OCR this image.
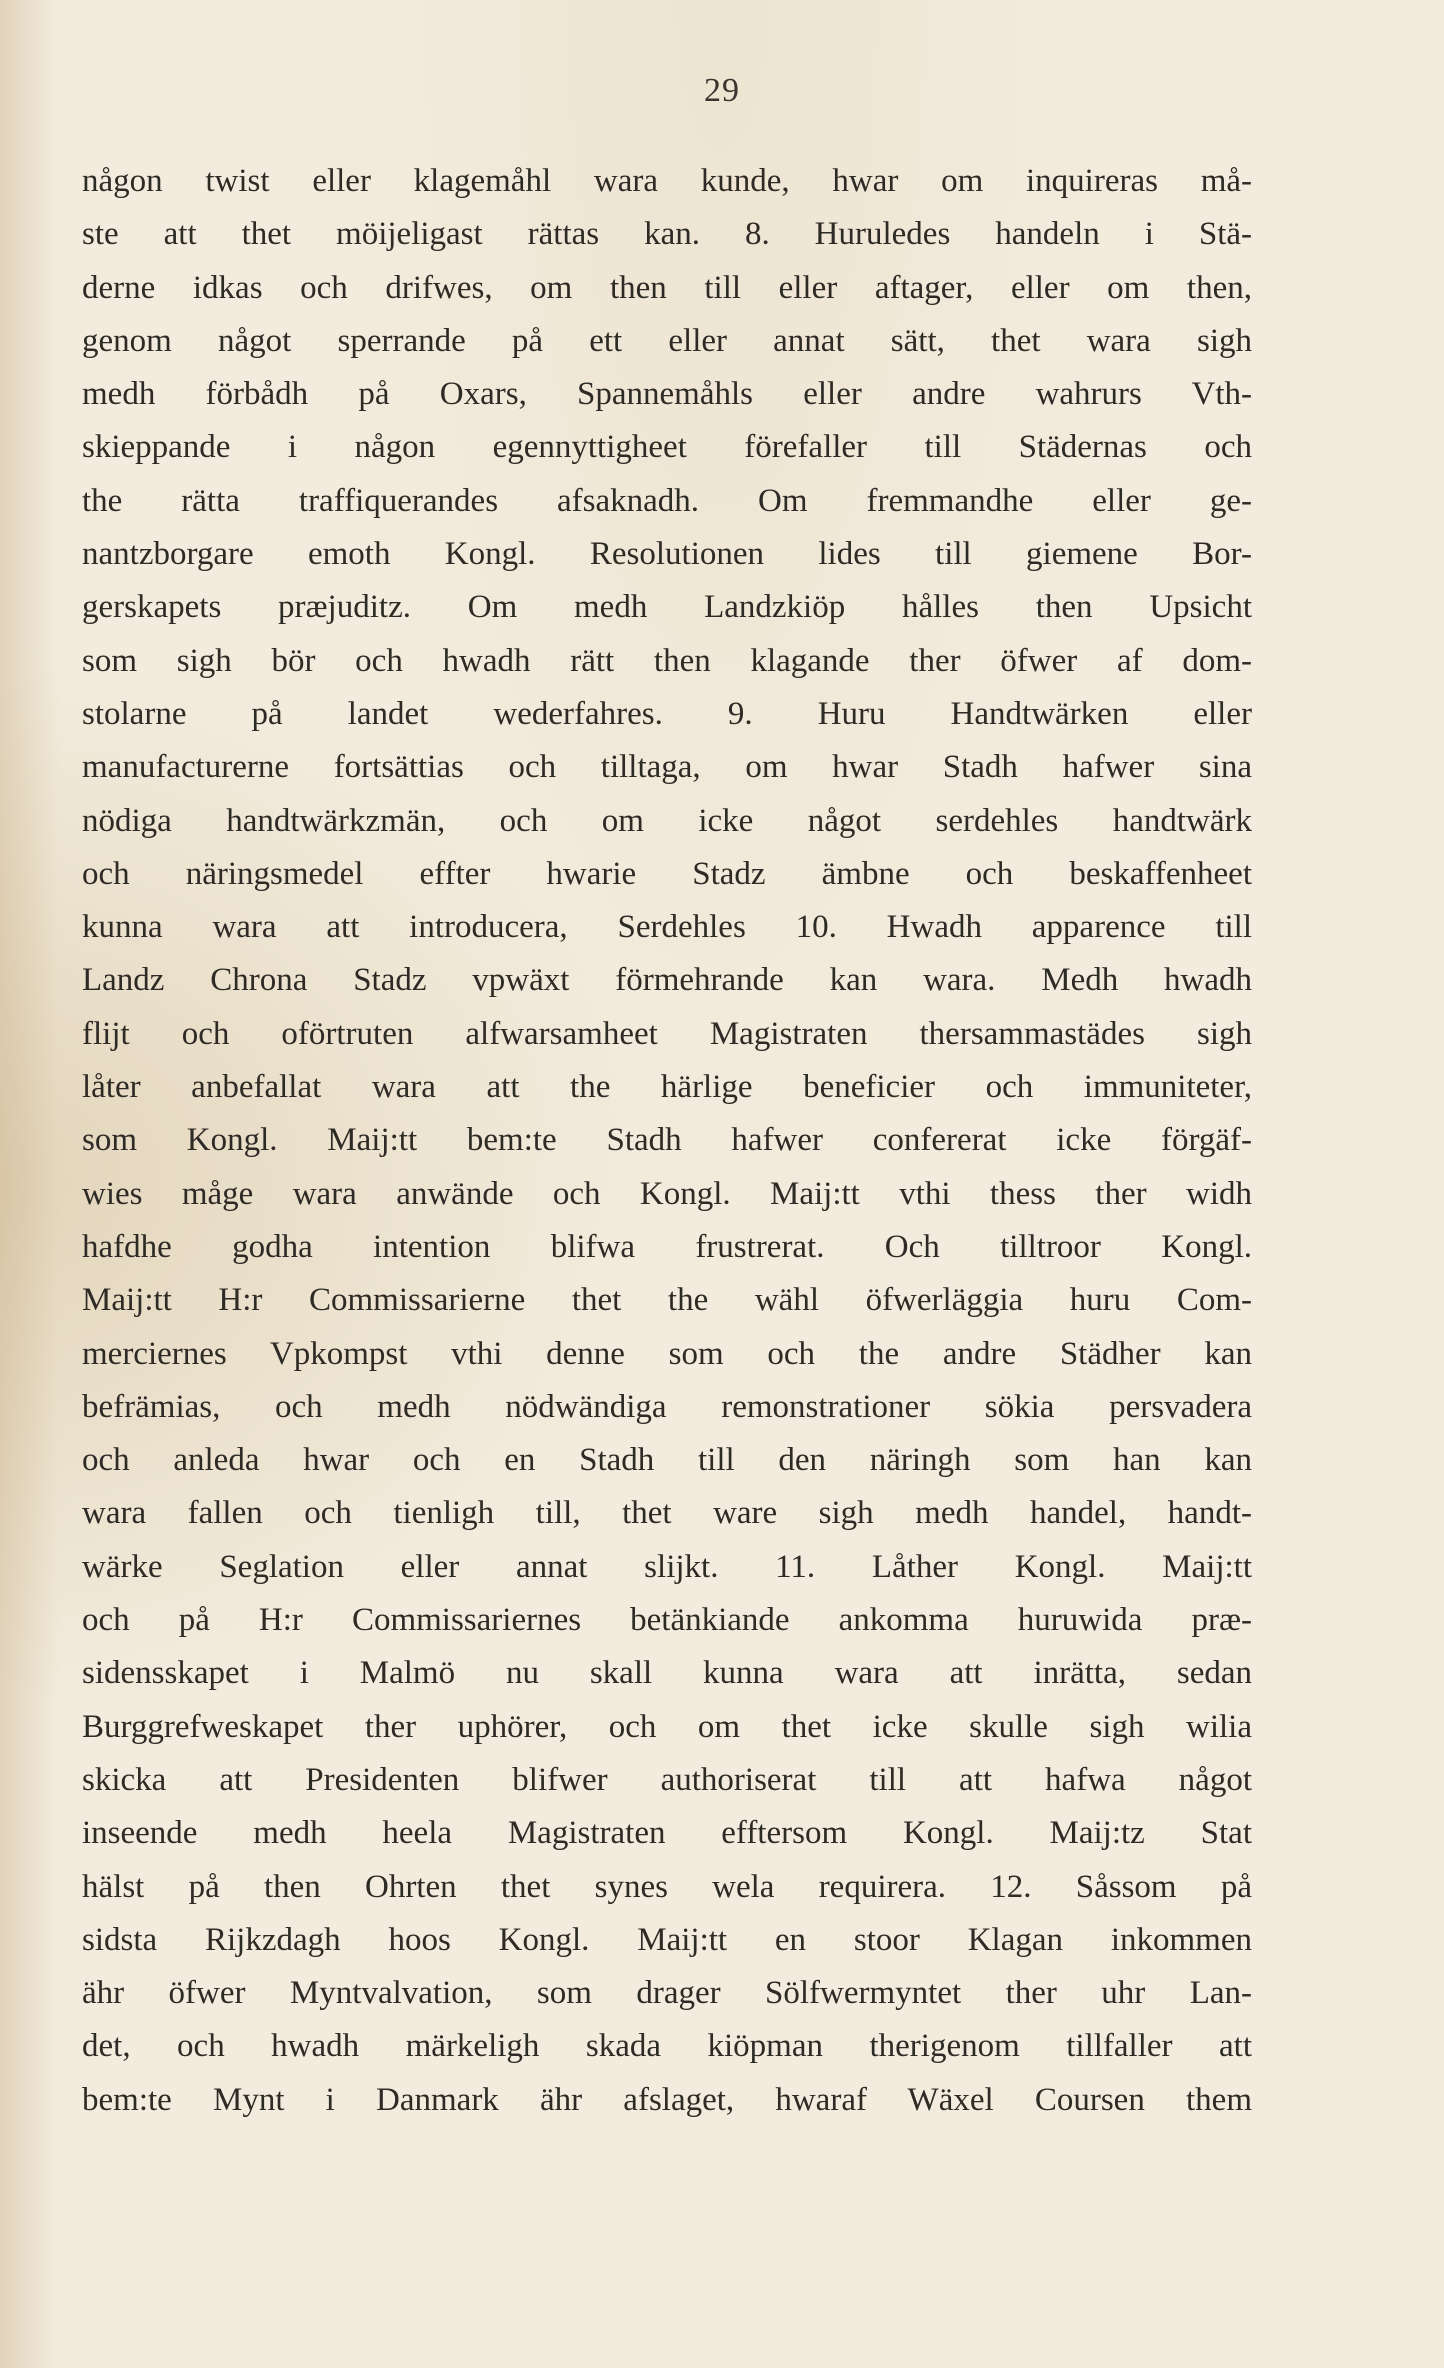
29
någon twist eller klagemåhl wara kunde, hwar om inquireras må-
ste att thet möijeligast rättas kan. 8. Huruledes handeln i Stä-
derne idkas och drifwes, om then till eller aftager, eller om then,
genom något sperrande på ett eller annat sätt, thet wara sigh
medh förbådh på Oxars, Spannemåhls eller andre wahrurs Vth-
skieppande i någon egennyttigheet förefaller till Städernas och
the rätta traffiquerandes afsaknadh. Om fremmandhe eller ge-
nantzborgare emoth Kongl. Resolutionen lides till giemene Bor-
gerskapets præjuditz. Om medh Landzkiöp hålles then Upsicht
som sigh bör och hwadh rätt then klagande ther öfwer af dom-
stolarne på landet wederfahres. 9. Huru Handtwärken eller
manufacturerne fortsättias och tilltaga, om hwar Stadh hafwer sina
nödiga handtwärkzmän, och om icke något serdehles handtwärk
och näringsmedel effter hwarie Stadz ämbne och beskaffenheet
kunna wara att introducera, Serdehles 10. Hwadh apparence till
Landz Chrona Stadz vpwäxt förmehrande kan wara. Medh hwadh
flijt och oförtruten alfwarsamheet Magistraten thersammastädes sigh
låter anbefallat wara att the härlige beneficier och immuniteter,
som Kongl. Maij:tt bem:te Stadh hafwer confererat icke förgäf-
wies måge wara anwände och Kongl. Maij:tt vthi thess ther widh
hafdhe godha intention blifwa frustrerat. Och tilltroor Kongl.
Maij:tt H:r Commissarierne thet the wähl öfwerläggia huru Com-
merciernes Vpkompst vthi denne som och the andre Städher kan
befrämias, och medh nödwändiga remonstrationer sökia persvadera
och anleda hwar och en Stadh till den näringh som han kan
wara fallen och tienligh till, thet ware sigh medh handel, handt-
wärke Seglation eller annat slijkt. 11. Låther Kongl. Maij:tt
och på H:r Commissariernes betänkiande ankomma huruwida præ-
sidensskapet i Malmö nu skall kunna wara att inrätta, sedan
Burggrefweskapet ther uphörer, och om thet icke skulle sigh wilia
skicka att Presidenten blifwer authoriserat till att hafwa något
inseende medh heela Magistraten efftersom Kongl. Maij:tz Stat
hälst på then Ohrten thet synes wela requirera. 12. Såssom på
sidsta Rijkzdagh hoos Kongl. Maij:tt en stoor Klagan inkommen
ähr öfwer Myntvalvation, som drager Sölfwermyntet ther uhr Lan-
det, och hwadh märkeligh skada kiöpman therigenom tillfaller att
bem:te Mynt i Danmark ähr afslaget, hwaraf Wäxel Coursen them
